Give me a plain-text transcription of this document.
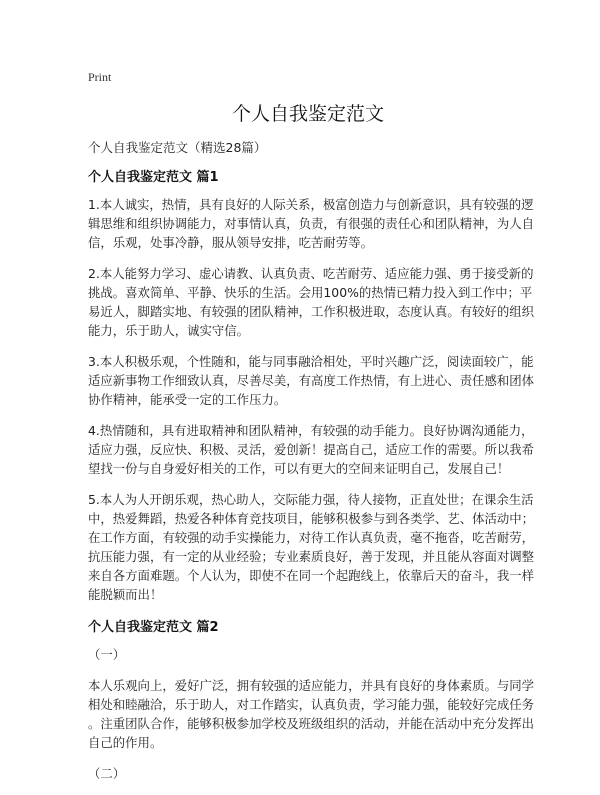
Print
个人自我鉴定范文
个人自我鉴定范文（精选28篇）
个人自我鉴定范文 篇1
1.本人诚实，热情，具有良好的人际关系，极富创造力与创新意识，具有较强的逻
辑思维和组织协调能力，对事情认真，负责，有很强的责任心和团队精神，为人自
信，乐观，处事冷静，服从领导安排，吃苦耐劳等。
2.本人能努力学习、虚心请教、认真负责、吃苦耐劳、适应能力强、勇于接受新的
挑战。喜欢简单、平静、快乐的生活。会用100%的热情已精力投入到工作中；平
易近人，脚踏实地、有较强的团队精神，工作积极进取，态度认真。有较好的组织
能力，乐于助人，诚实守信。
3.本人积极乐观，个性随和，能与同事融洽相处，平时兴趣广泛，阅读面较广，能
适应新事物工作细致认真，尽善尽美，有高度工作热情，有上进心、责任感和团体
协作精神，能承受一定的工作压力。
4.热情随和，具有进取精神和团队精神，有较强的动手能力。良好协调沟通能力，
适应力强，反应快、积极、灵活，爱创新！提高自己，适应工作的需要。所以我希
望找一份与自身爱好相关的工作，可以有更大的空间来证明自己，发展自己！
5.本人为人开朗乐观，热心助人，交际能力强，待人接物，正直处世；在课余生活
中，热爱舞蹈，热爱各种体育竞技项目，能够积极参与到各类学、艺、体活动中；
在工作方面，有较强的动手实操能力，对待工作认真负责，毫不拖沓，吃苦耐劳，
抗压能力强，有一定的从业经验；专业素质良好，善于发现，并且能从容面对调整
来自各方面难题。个人认为，即使不在同一个起跑线上，依靠后天的奋斗，我一样
能脱颖而出！
个人自我鉴定范文 篇2
（一）
本人乐观向上，爱好广泛，拥有较强的适应能力，并具有良好的身体素质。与同学
相处和睦融洽，乐于助人，对工作踏实，认真负责，学习能力强，能较好完成任务
。注重团队合作，能够积极参加学校及班级组织的活动，并能在活动中充分发挥出
自己的作用。
（二）
